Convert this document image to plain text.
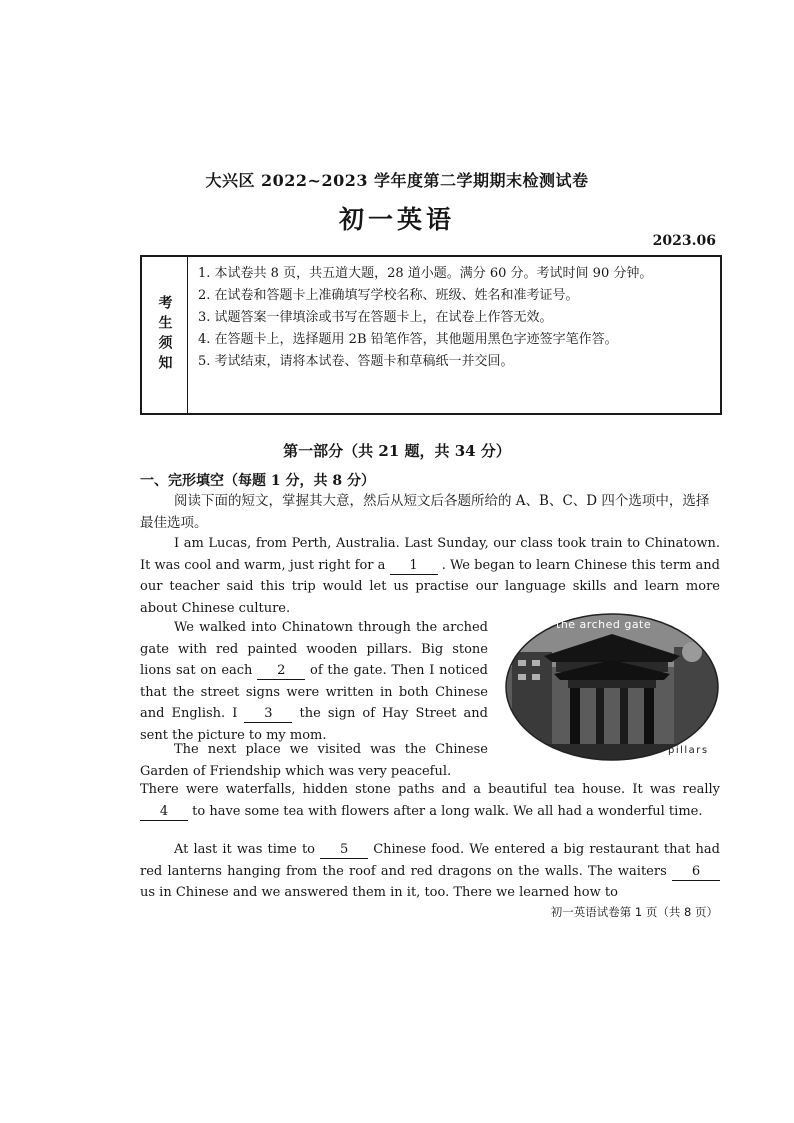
大兴区 2022~2023 学年度第二学期期末检测试卷
初一英语
2023.06
考生须知
1. 本试卷共 8 页，共五道大题，28 道小题。满分 60 分。考试时间 90 分钟。
2. 在试卷和答题卡上准确填写学校名称、班级、姓名和准考证号。
3. 试题答案一律填涂或书写在答题卡上，在试卷上作答无效。
4. 在答题卡上，选择题用 2B 铅笔作答，其他题用黑色字迹签字笔作答。
5. 考试结束，请将本试卷、答题卡和草稿纸一并交回。
第一部分（共 21 题，共 34 分）
一、完形填空（每题 1 分，共 8 分）

阅读下面的短文，掌握其大意，然后从短文后各题所给的 A、B、C、D 四个选项中，选择最佳选项。

I am Lucas, from Perth, Australia. Last Sunday, our class took train to Chinatown. It was cool and warm, just right for a 1 . We began to learn Chinese this term and our teacher said this trip would let us practise our language skills and learn more about Chinese culture.

We walked into Chinatown through the arched gate with red painted wooden pillars. Big stone lions sat on each 2 of the gate. Then I noticed that the street signs were written in both Chinese and English. I 3 the sign of Hay Street and sent the picture to my mom.

The next place we visited was the Chinese Garden of Friendship which was very peaceful.

There were waterfalls, hidden stone paths and a beautiful tea house. It was really 4 to have some tea with flowers after a long walk. We all had a wonderful time.

At last it was time to 5 Chinese food. We entered a big restaurant that had red lanterns hanging from the roof and red dragons on the walls. The waiters 6 us in Chinese and we answered them in it, too. There we learned how to

the arched gate
pillars
初一英语试卷第 1 页（共 8 页）
